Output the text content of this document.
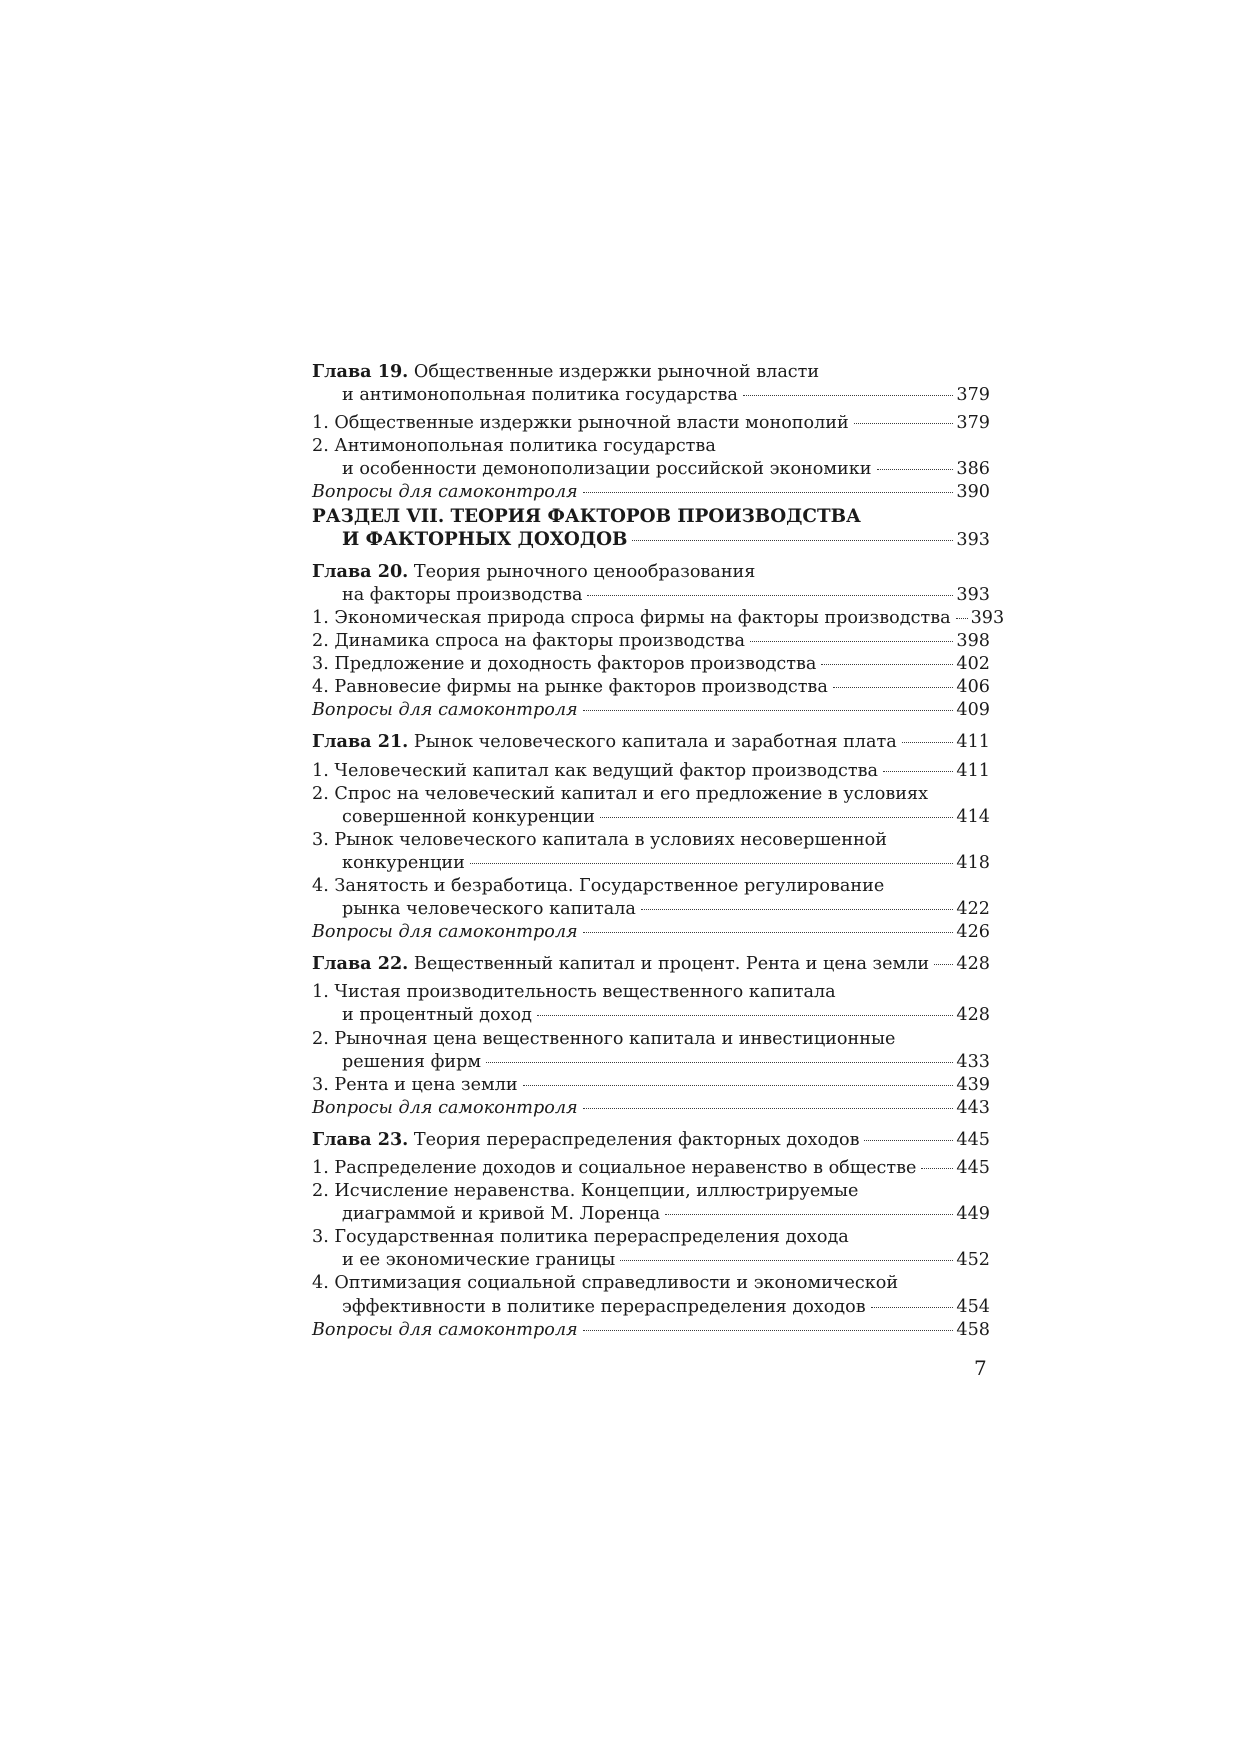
Глава 19. Общественные издержки рыночной власти
и антимонопольная политика государства	379
1. Общественные издержки рыночной власти монополий	379
2. Антимонопольная политика государства
и особенности демонополизации российской экономики	386
Вопросы для самоконтроля	390
РАЗДЕЛ VII. ТЕОРИЯ ФАКТОРОВ ПРОИЗВОДСТВА
И ФАКТОРНЫХ ДОХОДОВ	393
Глава 20. Теория рыночного ценообразования
на факторы производства	393
1. Экономическая природа спроса фирмы на факторы производства 393
2. Динамика спроса на факторы производства	398
3. Предложение и доходность факторов производства	402
4. Равновесие фирмы на рынке факторов производства	406
Вопросы для самоконтроля	409
Глава 21. Рынок человеческого капитала и заработная плата	411
1. Человеческий капитал как ведущий фактор производства	411
2. Спрос на человеческий капитал и его предложение в условиях
совершенной конкуренции	414
3. Рынок человеческого капитала в условиях несовершенной
конкуренции	418
4. Занятость и безработица. Государственное регулирование
рынка человеческого капитала	422
Вопросы для самоконтроля	426
Глава 22. Вещественный капитал и процент. Рента и цена земли 428
1. Чистая производительность вещественного капитала
и процентный доход	428
2. Рыночная цена вещественного капитала и инвестиционные
решения фирм	433
3. Рента и цена земли	439
Вопросы для самоконтроля	443
Глава 23. Теория перераспределения факторных доходов	445
1. Распределение доходов и социальное неравенство в обществе 445
2. Исчисление неравенства. Концепции, иллюстрируемые
диаграммой и кривой М. Лоренца	449
3. Государственная политика перераспределения дохода
и ее экономические границы	452
4. Оптимизация социальной справедливости и экономической
эффективности в политике перераспределения доходов	454
Вопросы для самоконтроля	458
7
